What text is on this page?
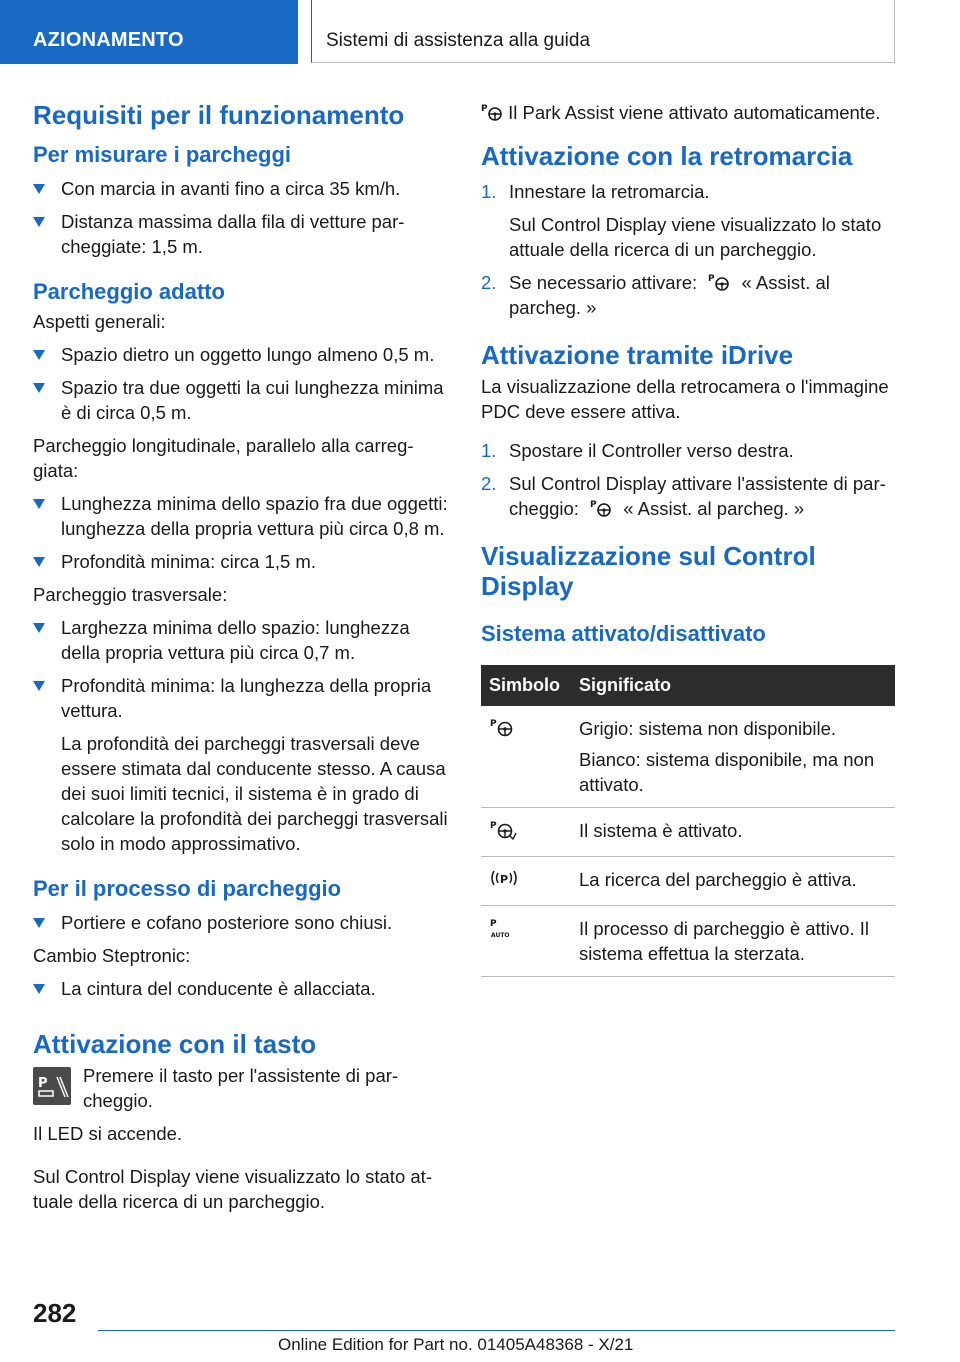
AZIONAMENTO	Sistemi di assistenza alla guida
Requisiti per il funzionamento
Per misurare i parcheggi
Con marcia in avanti fino a circa 35 km/h.
Distanza massima dalla fila di vetture parcheggiate: 1,5 m.
Parcheggio adatto

Aspetti generali:

Spazio dietro un oggetto lungo almeno 0,5 m.
Spazio tra due oggetti la cui lunghezza minima è di circa 0,5 m.

Parcheggio longitudinale, parallelo alla carreggiata:

Lunghezza minima dello spazio fra due oggetti: lunghezza della propria vettura più circa 0,8 m.
Profondità minima: circa 1,5 m.

Parcheggio trasversale:

Larghezza minima dello spazio: lunghezza della propria vettura più circa 0,7 m.
Profondità minima: la lunghezza della propria vettura.

La profondità dei parcheggi trasversali deve essere stimata dal conducente stesso. A causa dei suoi limiti tecnici, il sistema è in grado di calcolare la profondità dei parcheggi trasversali solo in modo approssimativo.

Per il processo di parcheggio
Portiere e cofano posteriore sono chiusi.

Cambio Steptronic:

La cintura del conducente è allacciata.
Attivazione con il tasto
P Premere il tasto per l'assistente di parcheggio.

Il LED si accende.

Sul Control Display viene visualizzato lo stato attuale della ricerca di un parcheggio.

P Il Park Assist viene attivato automaticamente.

Attivazione con la retromarcia
1. Innestare la retromarcia.

Sul Control Display viene visualizzato lo stato attuale della ricerca di un parcheggio.

2. Se necessario attivare: P « Assist. al parcheg. »
Attivazione tramite iDrive

La visualizzazione della retrocamera o l'immagine PDC deve essere attiva.

1. Spostare il Controller verso destra.
2. Sul Control Display attivare l'assistente di parcheggio: P « Assist. al parcheg. »
Visualizzazione sul Control Display
Sistema attivato/disattivato
Simbolo	Significato

P	Grigio: sistema non disponibile.

Bianco: sistema disponibile, ma non attivato.

P	Il sistema è attivato.

P	La ricerca del parcheggio è attiva.

P
AUTO	Il processo di parcheggio è attivo. Il sistema effettua la sterzata.
282
Online Edition for Part no. 01405A48368 - X/21
